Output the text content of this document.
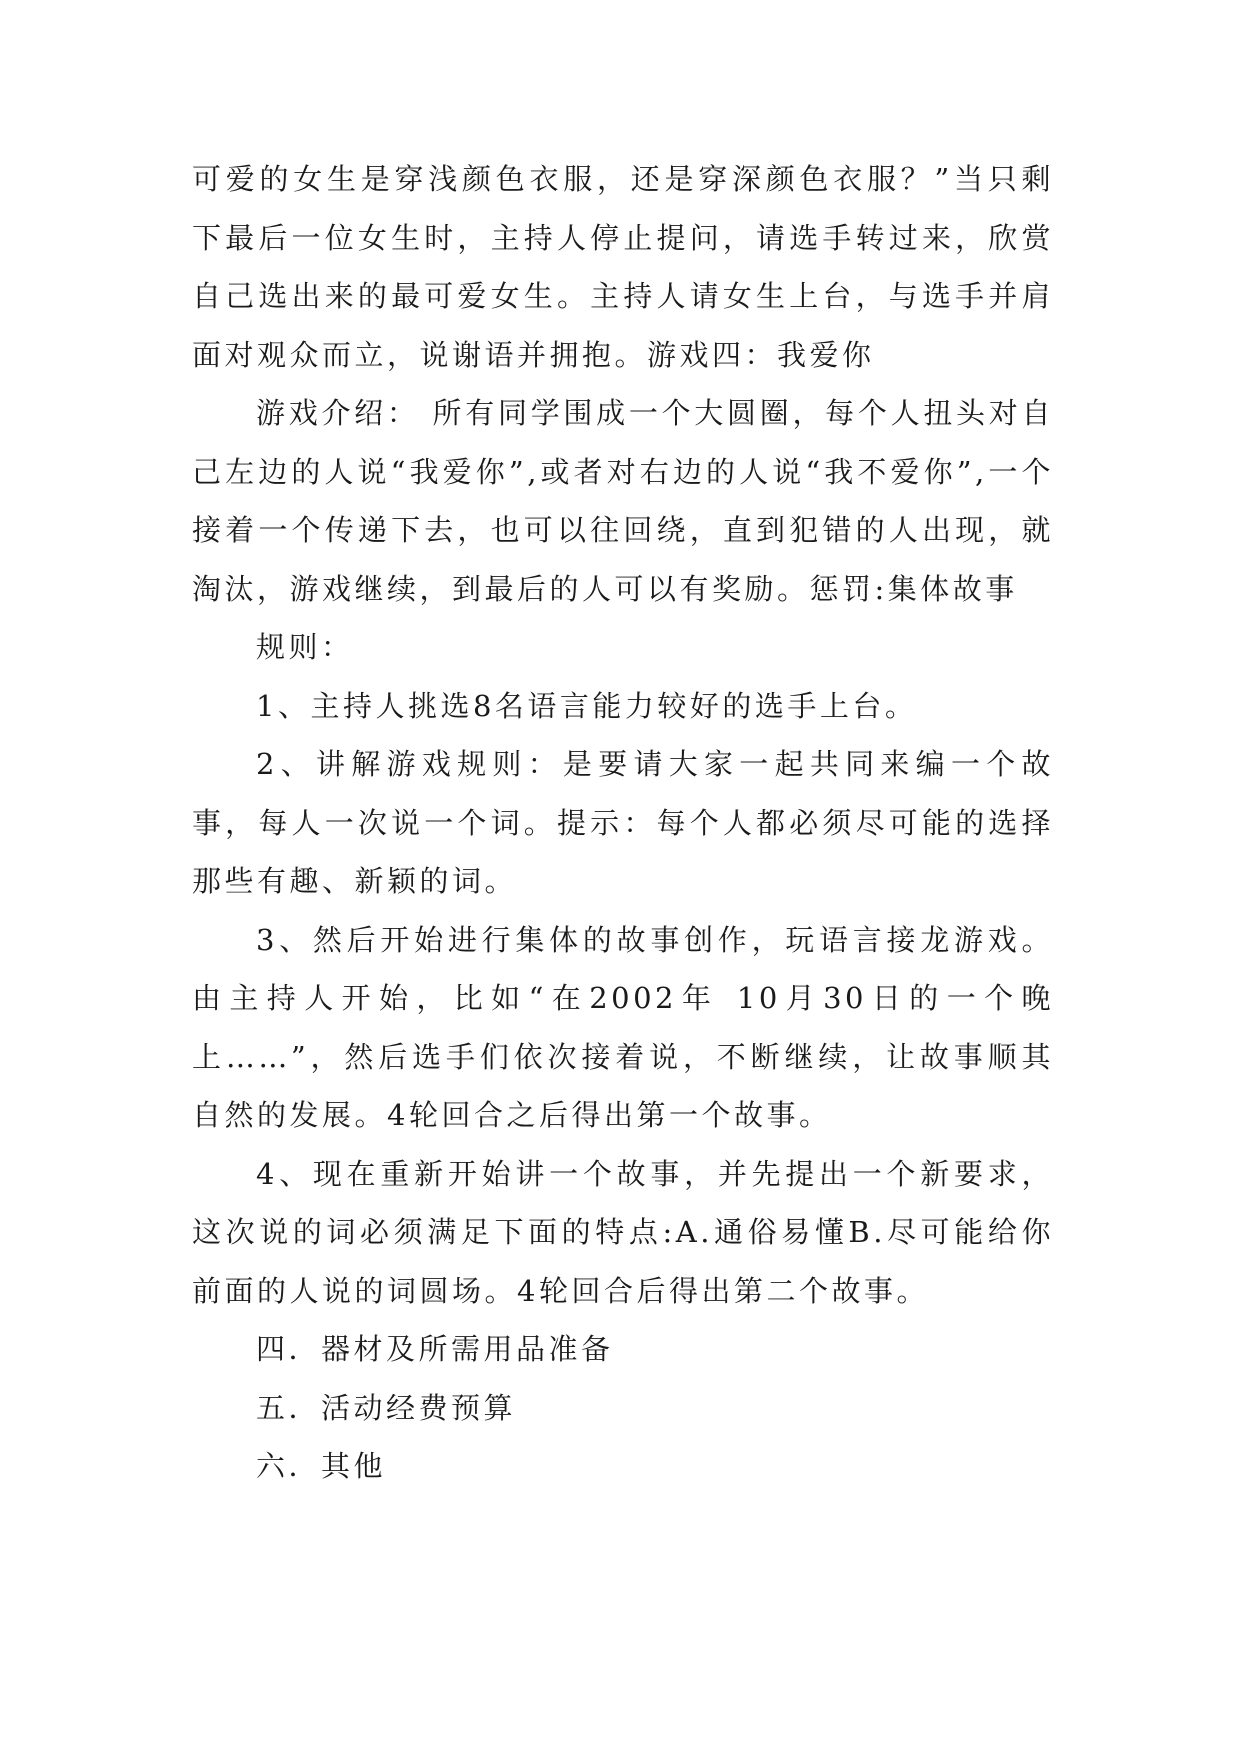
可爱的女生是穿浅颜色衣服，还是穿深颜色衣服？”当只剩下最后一位女生时，主持人停止提问，请选手转过来，欣赏自己选出来的最可爱女生。主持人请女生上台，与选手并肩面对观众而立，说谢语并拥抱。游戏四：我爱你

游戏介绍： 所有同学围成一个大圆圈，每个人扭头对自己左边的人说“我爱你”,或者对右边的人说“我不爱你”,一个接着一个传递下去，也可以往回绕，直到犯错的人出现，就淘汰，游戏继续，到最后的人可以有奖励。惩罚:集体故事

规则：

1、主持人挑选8名语言能力较好的选手上台。

2、讲解游戏规则：是要请大家一起共同来编一个故事，每人一次说一个词。提示：每个人都必须尽可能的选择那些有趣、新颖的词。

3、然后开始进行集体的故事创作，玩语言接龙游戏。由主持人开始，比如“在2002年 10月30日的一个晚上……”，然后选手们依次接着说，不断继续，让故事顺其自然的发展。4轮回合之后得出第一个故事。

4、现在重新开始讲一个故事，并先提出一个新要求，这次说的词必须满足下面的特点:A.通俗易懂B.尽可能给你前面的人说的词圆场。4轮回合后得出第二个故事。

四．器材及所需用品准备

五．活动经费预算

六．其他
